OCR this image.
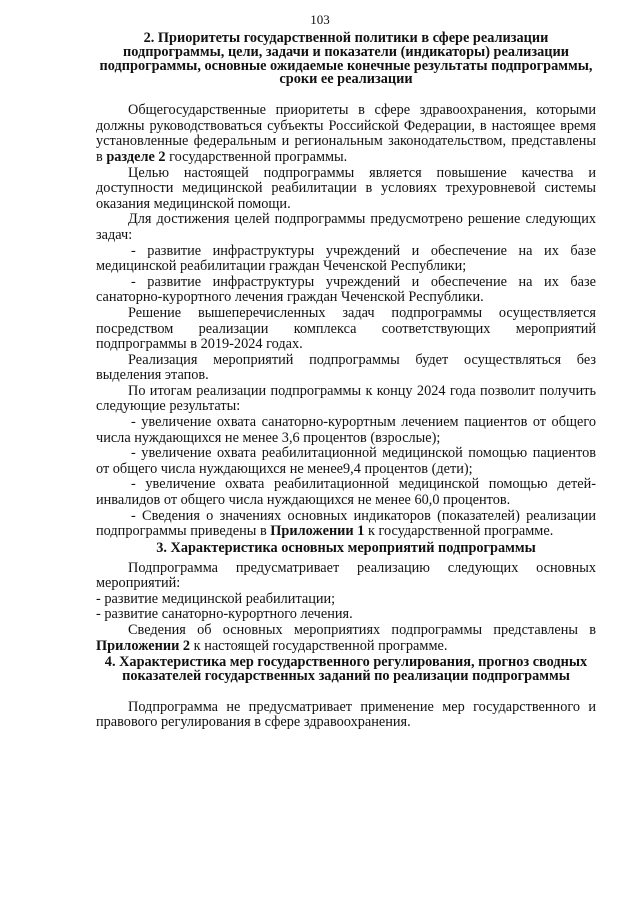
103
2. Приоритеты государственной политики в сфере реализации подпрограммы, цели, задачи и показатели (индикаторы) реализации подпрограммы, основные ожидаемые конечные результаты подпрограммы, сроки ее реализации

Общегосударственные приоритеты в сфере здравоохранения, которыми должны руководствоваться субъекты Российской Федерации, в настоящее время установленные федеральным и региональным законодательством, представлены в разделе 2 государственной программы.

Целью настоящей подпрограммы является повышение качества и доступности медицинской реабилитации в условиях трехуровневой системы оказания медицинской помощи.

Для достижения целей подпрограммы предусмотрено решение следующих задач:

- развитие инфраструктуры учреждений и обеспечение на их базе медицинской реабилитации граждан Чеченской Республики;

- развитие инфраструктуры учреждений и обеспечение на их базе санаторно-курортного лечения граждан Чеченской Республики.

Решение вышеперечисленных задач подпрограммы осуществляется посредством реализации комплекса соответствующих мероприятий подпрограммы в 2019-2024 годах.

Реализация мероприятий подпрограммы будет осуществляться без выделения этапов.

По итогам реализации подпрограммы к концу 2024 года позволит получить следующие результаты:

- увеличение охвата санаторно-курортным лечением пациентов от общего числа нуждающихся не менее 3,6 процентов (взрослые);

- увеличение охвата реабилитационной медицинской помощью пациентов от общего числа нуждающихся не менее9,4 процентов (дети);

- увеличение охвата реабилитационной медицинской помощью детей-инвалидов от общего числа нуждающихся не менее 60,0 процентов.

- Сведения о значениях основных индикаторов (показателей) реализации подпрограммы приведены в Приложении 1 к государственной программе.

3. Характеристика основных мероприятий подпрограммы

Подпрограмма предусматривает реализацию следующих основных мероприятий:

- развитие медицинской реабилитации;

- развитие санаторно-курортного лечения.

Сведения об основных мероприятиях подпрограммы представлены в Приложении 2 к настоящей государственной программе.

4. Характеристика мер государственного регулирования, прогноз сводных показателей государственных заданий по реализации подпрограммы

Подпрограмма не предусматривает применение мер государственного и правового регулирования в сфере здравоохранения.
